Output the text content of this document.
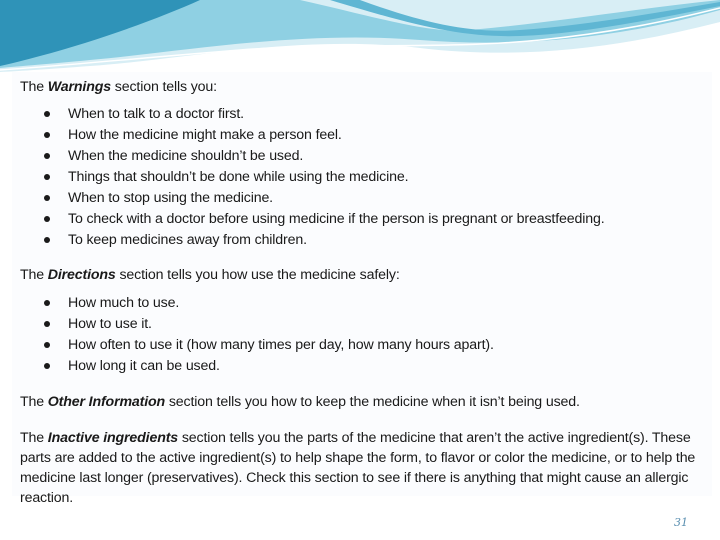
The Warnings section tells you:

When to talk to a doctor first.
How the medicine might make a person feel.
When the medicine shouldn’t be used.
Things that shouldn’t be done while using the medicine.
When to stop using the medicine.
To check with a doctor before using medicine if the person is pregnant or breastfeeding.
To keep medicines away from children.

The Directions section tells you how use the medicine safely:

How much to use.
How to use it.
How often to use it (how many times per day, how many hours apart).
How long it can be used.

The Other Information section tells you how to keep the medicine when it isn’t being used.

The Inactive ingredients section tells you the parts of the medicine that aren’t the active ingredient(s). These parts are added to the active ingredient(s) to help shape the form, to flavor or color the medicine, or to help the medicine last longer (preservatives). Check this section to see if there is anything that might cause an allergic reaction.

31
